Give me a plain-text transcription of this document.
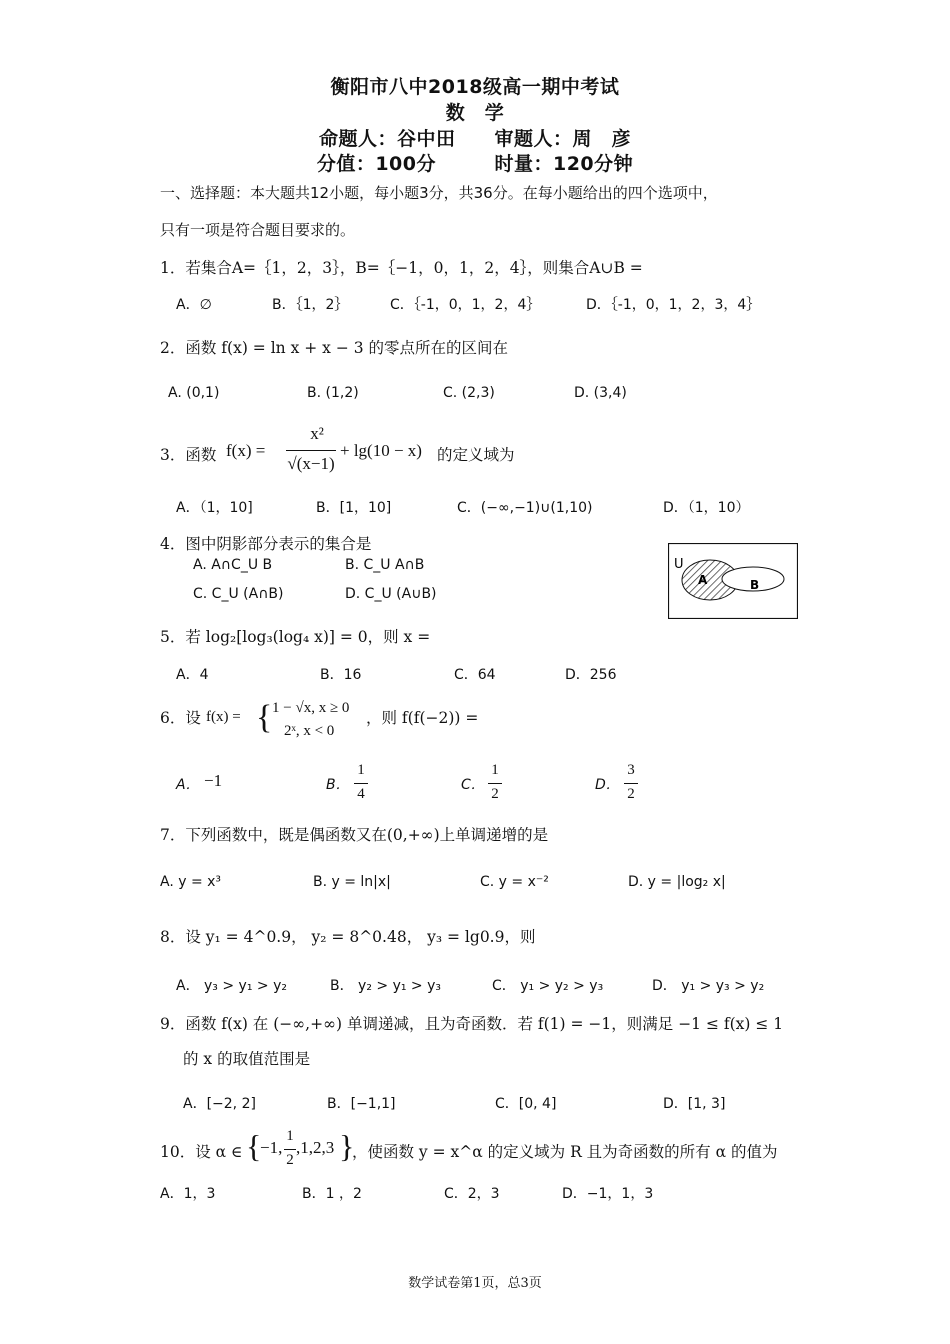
衡阳市八中2018级高一期中考试
数　学
命题人：谷中田　　审题人：周　彦
分值：100分　　　时量：120分钟
一、选择题：本大题共12小题，每小题3分，共36分。在每小题给出的四个选项中，
只有一项是符合题目要求的。
1．若集合A=｛1，2，3｝，B=｛−1，0，1，2，4｝，则集合A∪B =
A．∅	B．｛1，2｝	C．｛-1，0，1，2，4｝	D．｛-1，0，1，2，3，4｝
2．函数 f(x) = ln x + x − 3 的零点所在的区间在
A. (0,1)	B. (1,2)	C. (2,3)	D. (3,4)
3．函数 f(x) =
x²
√(x−1)
+ lg(10 − x) 的定义域为
A．（1，10]	B．[1，10]	C．(−∞,−1)∪(1,10)	D．（1，10）
4．图中阴影部分表示的集合是
A. A∩C_U B	B. C_U A∩B
C. C_U (A∩B)	D. C_U (A∪B)
U
A	B
5．若 log₂[log₃(log₄ x)] = 0，则 x =
A．4	B．16	C．64	D．256
6．设 f(x) = { 1 − √x, x ≥ 0
2ˣ, x < 0
，则 f(f(−2)) =
A． −1	B．
1
4
C．
1
2
D．
3
2
7．下列函数中，既是偶函数又在(0,+∞)上单调递增的是
A. y = x³	B. y = ln|x|	C. y = x⁻²	D. y = |log₂ x|
8．设 y₁ = 4^0.9， y₂ = 8^0.48， y₃ = lg0.9，则
A． y₃ > y₁ > y₂	B． y₂ > y₁ > y₃	C． y₁ > y₂ > y₃	D． y₁ > y₃ > y₂
9．函数 f(x) 在 (−∞,+∞) 单调递减，且为奇函数．若 f(1) = −1，则满足 −1 ≤ f(x) ≤ 1
的 x 的取值范围是
A．[−2, 2]	B．[−1,1]	C．[0, 4]	D．[1, 3]
10．设 α ∈ {
−1,
1
2
,1,2,3 }
，使函数 y = x^α 的定义域为 R 且为奇函数的所有 α 的值为
A．1，3	B．1 ，2	C．2，3	D．−1，1，3
数学试卷第1页，总3页
